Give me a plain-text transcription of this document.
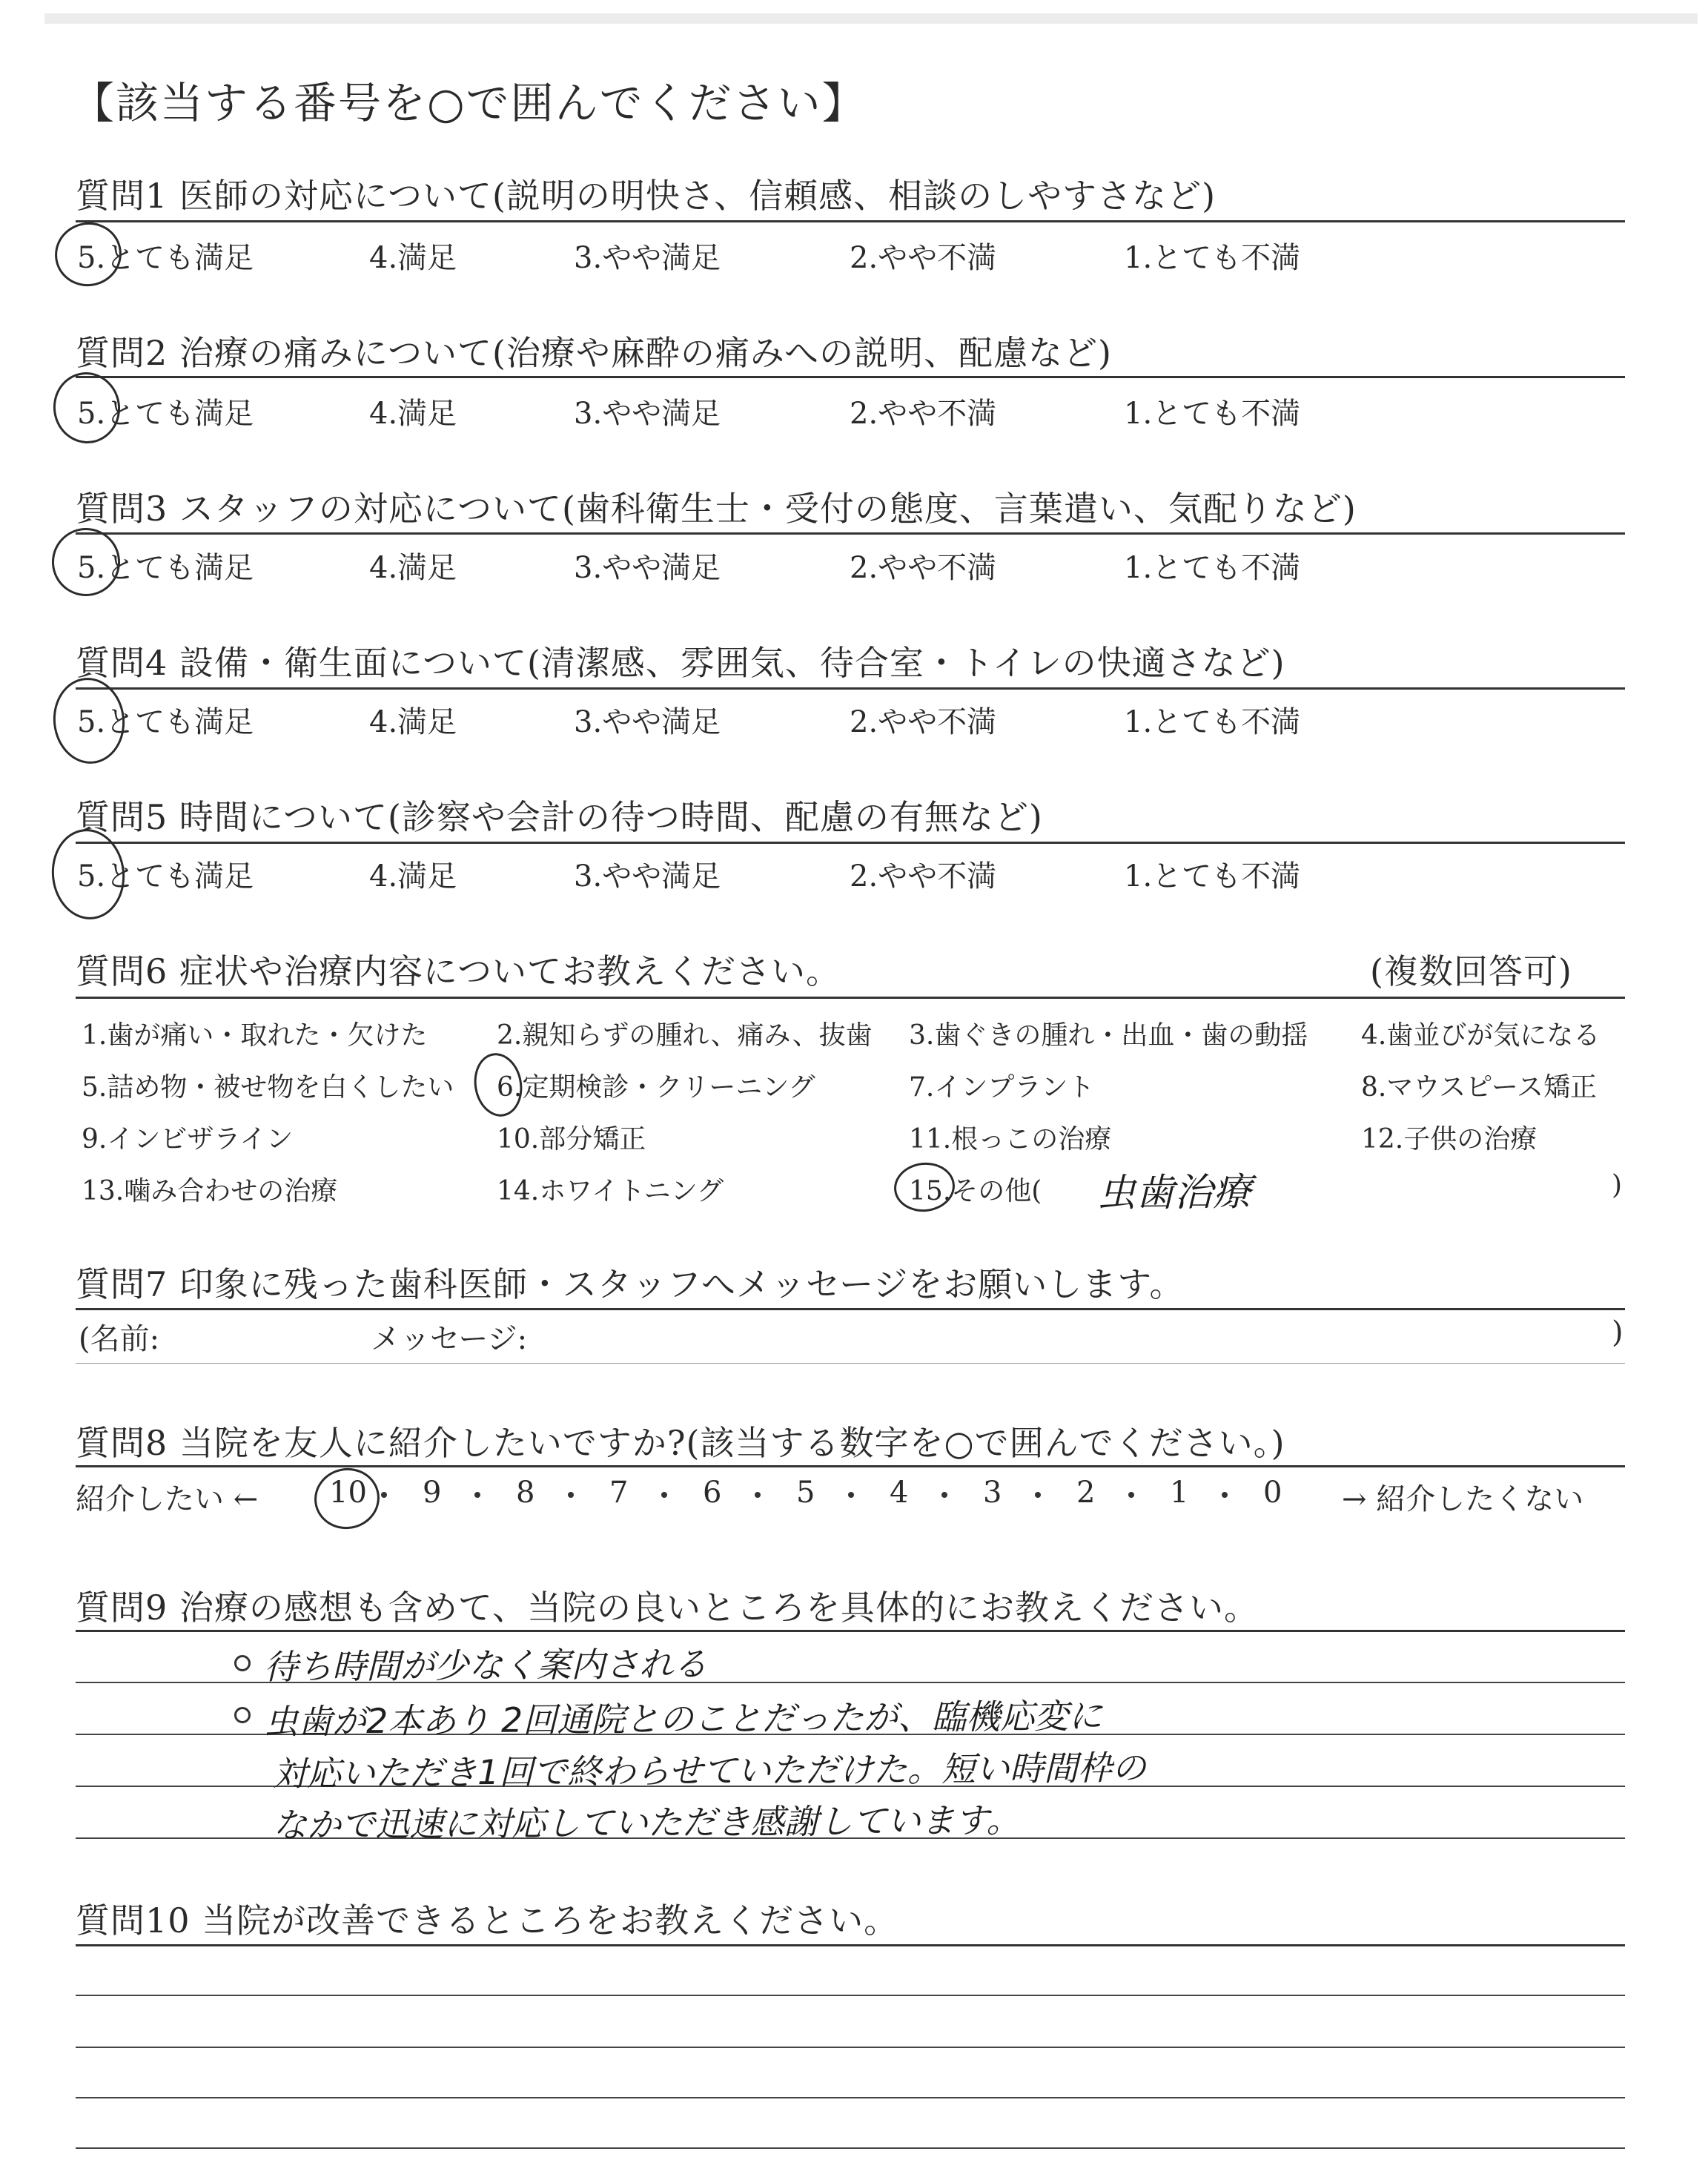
【該当する番号を○で囲んでください】
質問1 医師の対応について(説明の明快さ、信頼感、相談のしやすさなど)
5.とても満足	4.満足	3.やや満足	2.やや不満	1.とても不満
質問2 治療の痛みについて(治療や麻酔の痛みへの説明、配慮など)
5.とても満足	4.満足	3.やや満足	2.やや不満	1.とても不満
質問3 スタッフの対応について(歯科衛生士・受付の態度、言葉遣い、気配りなど)
5.とても満足	4.満足	3.やや満足	2.やや不満	1.とても不満
質問4 設備・衛生面について(清潔感、雰囲気、待合室・トイレの快適さなど)
5.とても満足	4.満足	3.やや満足	2.やや不満	1.とても不満
質問5 時間について(診察や会計の待つ時間、配慮の有無など)
5.とても満足	4.満足	3.やや満足	2.やや不満	1.とても不満
質問6 症状や治療内容についてお教えください。	(複数回答可)
1.歯が痛い・取れた・欠けた	2.親知らずの腫れ、痛み、抜歯 3.歯ぐきの腫れ・出血・歯の動揺 4.歯並びが気になる
5.詰め物・被せ物を白くしたい 6.定期検診・クリーニング	7.インプラント	8.マウスピース矯正
9.インビザライン	10.部分矯正	11.根っこの治療	12.子供の治療
13.噛み合わせの治療	14.ホワイトニング	15.その他(	)
虫歯治療
質問7 印象に残った歯科医師・スタッフへメッセージをお願いします。
(名前:	メッセージ:	)
質問8 当院を友人に紹介したいですか?(該当する数字を○で囲んでください。)
紹介したい ←	→ 紹介したくない
10 9	8	7	6	5	4	3	2	1	0
質問9 治療の感想も含めて、当院の良いところを具体的にお教えください。
待ち時間が少なく案内される
虫歯が2本あり 2回通院とのことだったが、臨機応変に
対応いただき1回で終わらせていただけた。短い時間枠の
なかで迅速に対応していただき感謝しています。
質問10 当院が改善できるところをお教えください。
